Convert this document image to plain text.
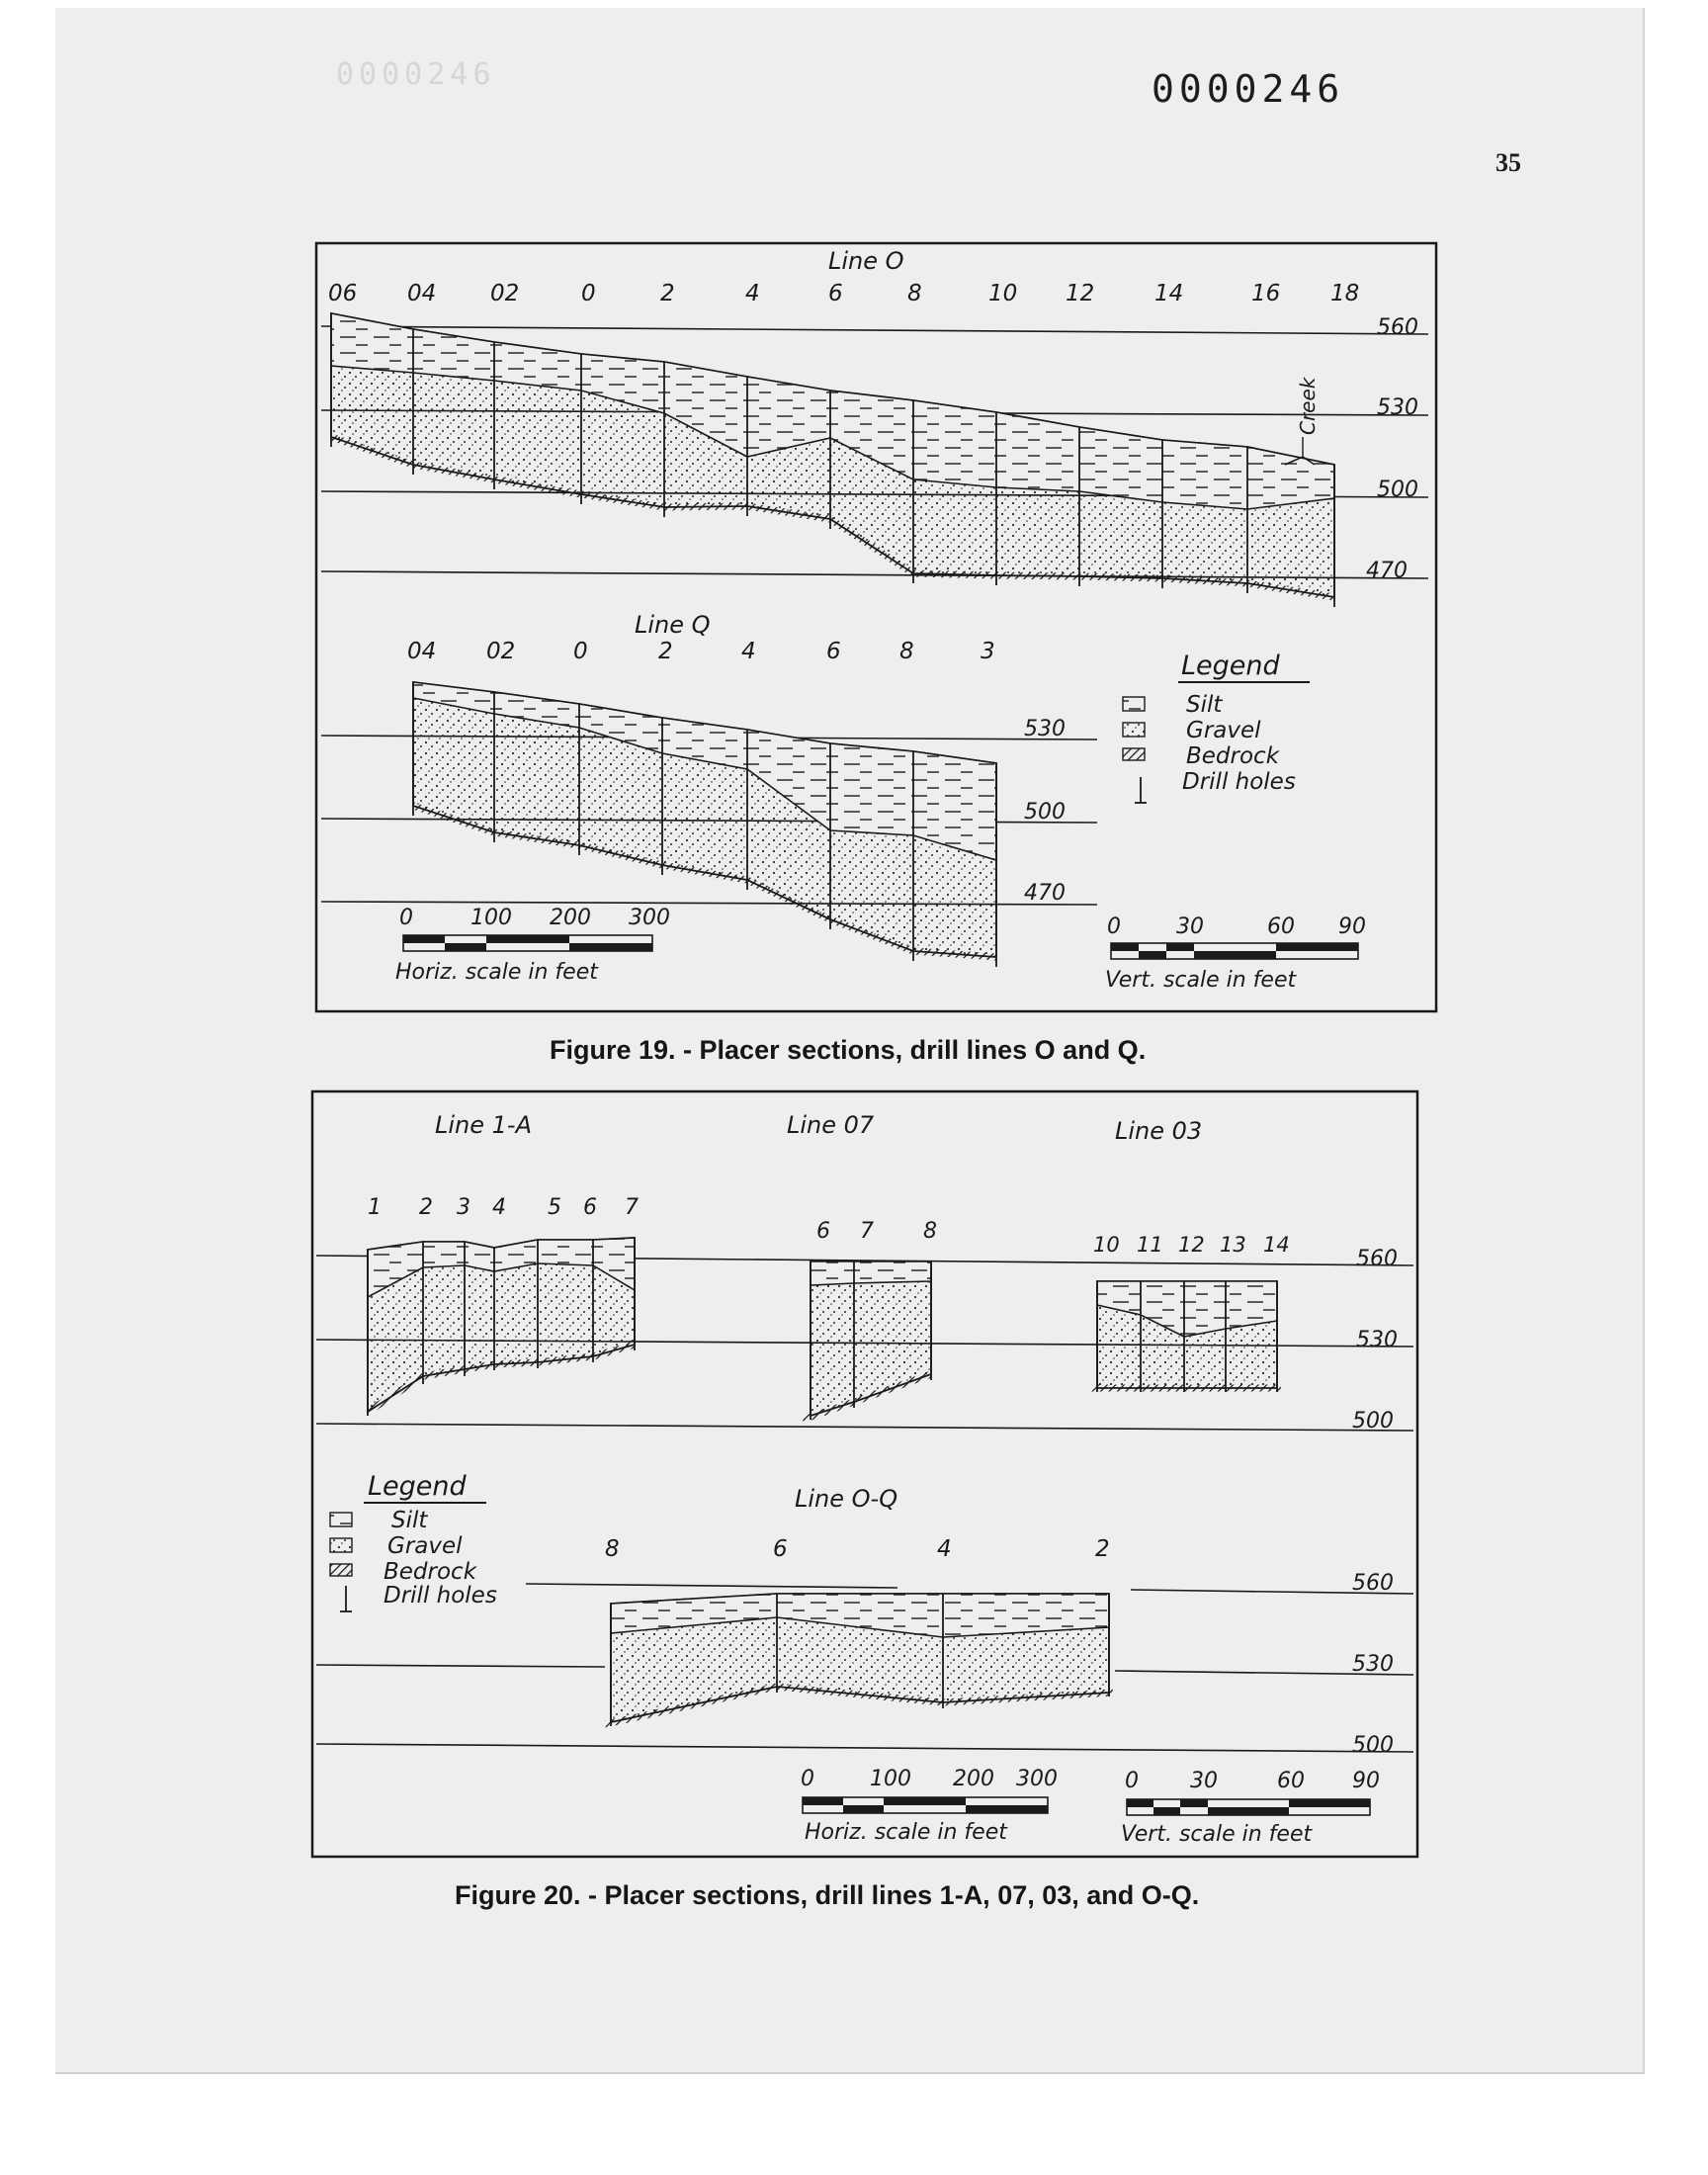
0000246	0000246
35
Line O
06 04 02	0	2	4	6	8	10 12	14	16 18
560
530
500
470
Creek
Line Q
04 02	0	2	4	6	8	3
530
500
470
Legend
Silt
Gravel
Bedrock
Drill holes
0	100 200 300
Horiz. scale in feet
0	30	60 90
Vert. scale in feet
Line 1-A	Line 07	Line 03
560
530
500
1 2 3 4 5 6 7
6 7 8
10 11 12 13 14
Legend
Silt
Gravel
Bedrock
Drill holes
Line O-Q
8	6	4	2
560
530
500
0	100 200 300
Horiz. scale in feet
0 30	60 90
Vert. scale in feet
Figure 19. - Placer sections, drill lines O and Q.
Figure 20. - Placer sections, drill lines 1-A, 07, 03, and O-Q.
